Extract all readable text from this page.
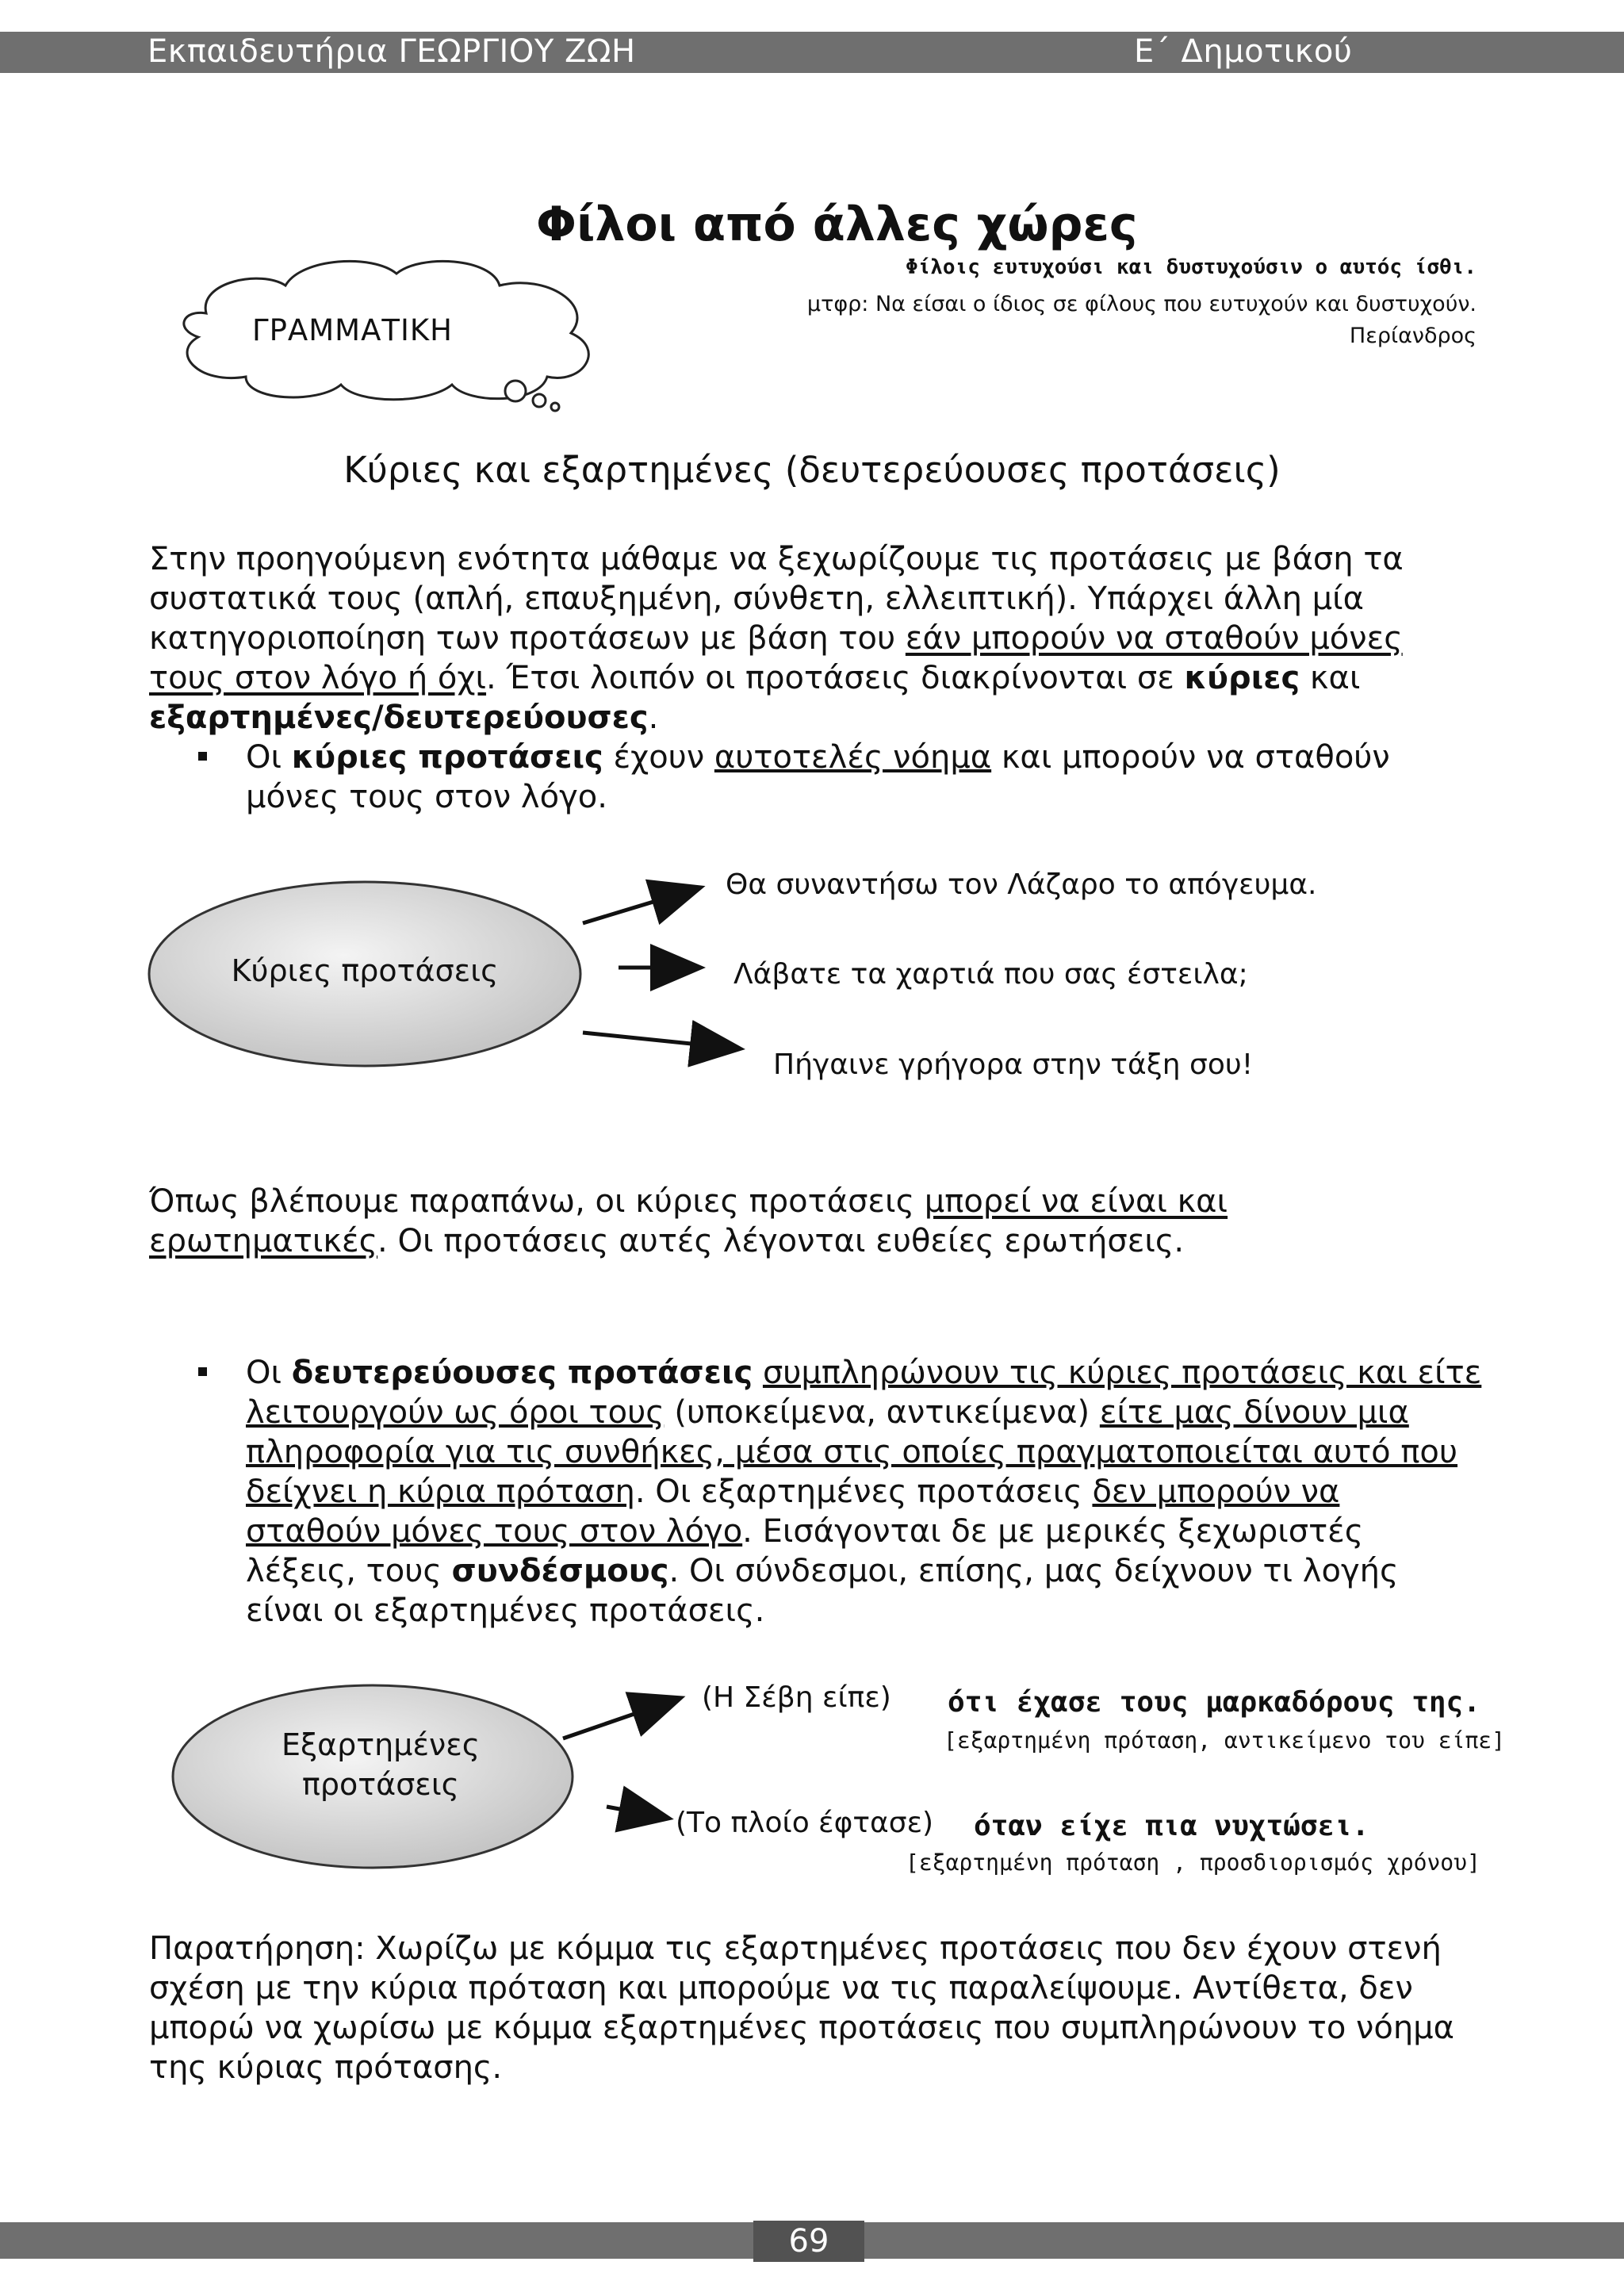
Εκπαιδευτήρια ΓΕΩΡΓΙΟΥ ΖΩΗ	Ε΄ Δημοτικού
Φίλοι από άλλες χώρες
Φίλοις ευτυχούσι και δυστυχούσιν ο αυτός ίσθι.
μτφρ: Να είσαι ο ίδιος σε φίλους που ευτυχούν και δυστυχούν.
Περίανδρος
ΓΡΑΜΜΑΤΙΚΗ
Κύριες και εξαρτημένες (δευτερεύουσες προτάσεις)
Στην προηγούμενη ενότητα μάθαμε να ξεχωρίζουμε τις προτάσεις με βάση τα συστατικά τους (απλή, επαυξημένη, σύνθετη, ελλειπτική). Υπάρχει άλλη μία κατηγοριοποίηση των προτάσεων με βάση του εάν μπορούν να σταθούν μόνες τους στον λόγο ή όχι. Έτσι λοιπόν οι προτάσεις διακρίνονται σε κύριες και εξαρτημένες/δευτερεύουσες.
Οι κύριες προτάσεις έχουν αυτοτελές νόημα και μπορούν να σταθούν μόνες τους στον λόγο.
Κύριες προτάσεις
Θα συναντήσω τον Λάζαρο το απόγευμα.
Λάβατε τα χαρτιά που σας έστειλα;
Πήγαινε γρήγορα στην τάξη σου!
Όπως βλέπουμε παραπάνω, οι κύριες προτάσεις μπορεί να είναι και ερωτηματικές. Οι προτάσεις αυτές λέγονται ευθείες ερωτήσεις.
Οι δευτερεύουσες προτάσεις συμπληρώνουν τις κύριες προτάσεις και είτε λειτουργούν ως όροι τους (υποκείμενα, αντικείμενα) είτε μας δίνουν μια πληροφορία για τις συνθήκες, μέσα στις οποίες πραγματοποιείται αυτό που δείχνει η κύρια πρόταση. Οι εξαρτημένες προτάσεις δεν μπορούν να σταθούν μόνες τους στον λόγο. Εισάγονται δε με μερικές ξεχωριστές λέξεις, τους συνδέσμους. Οι σύνδεσμοι, επίσης, μας δείχνουν τι λογής είναι οι εξαρτημένες προτάσεις.
Εξαρτημένες
προτάσεις
(Η Σέβη είπε) ότι έχασε τους μαρκαδόρους της.
[εξαρτημένη πρόταση, αντικείμενο του είπε]
(Το πλοίο έφτασε) όταν είχε πια νυχτώσει.
[εξαρτημένη πρόταση , προσδιορισμός χρόνου]
Παρατήρηση: Χωρίζω με κόμμα τις εξαρτημένες προτάσεις που δεν έχουν στενή σχέση με την κύρια πρόταση και μπορούμε να τις παραλείψουμε. Αντίθετα, δεν μπορώ να χωρίσω με κόμμα εξαρτημένες προτάσεις που συμπληρώνουν το νόημα της κύριας πρότασης.
69
